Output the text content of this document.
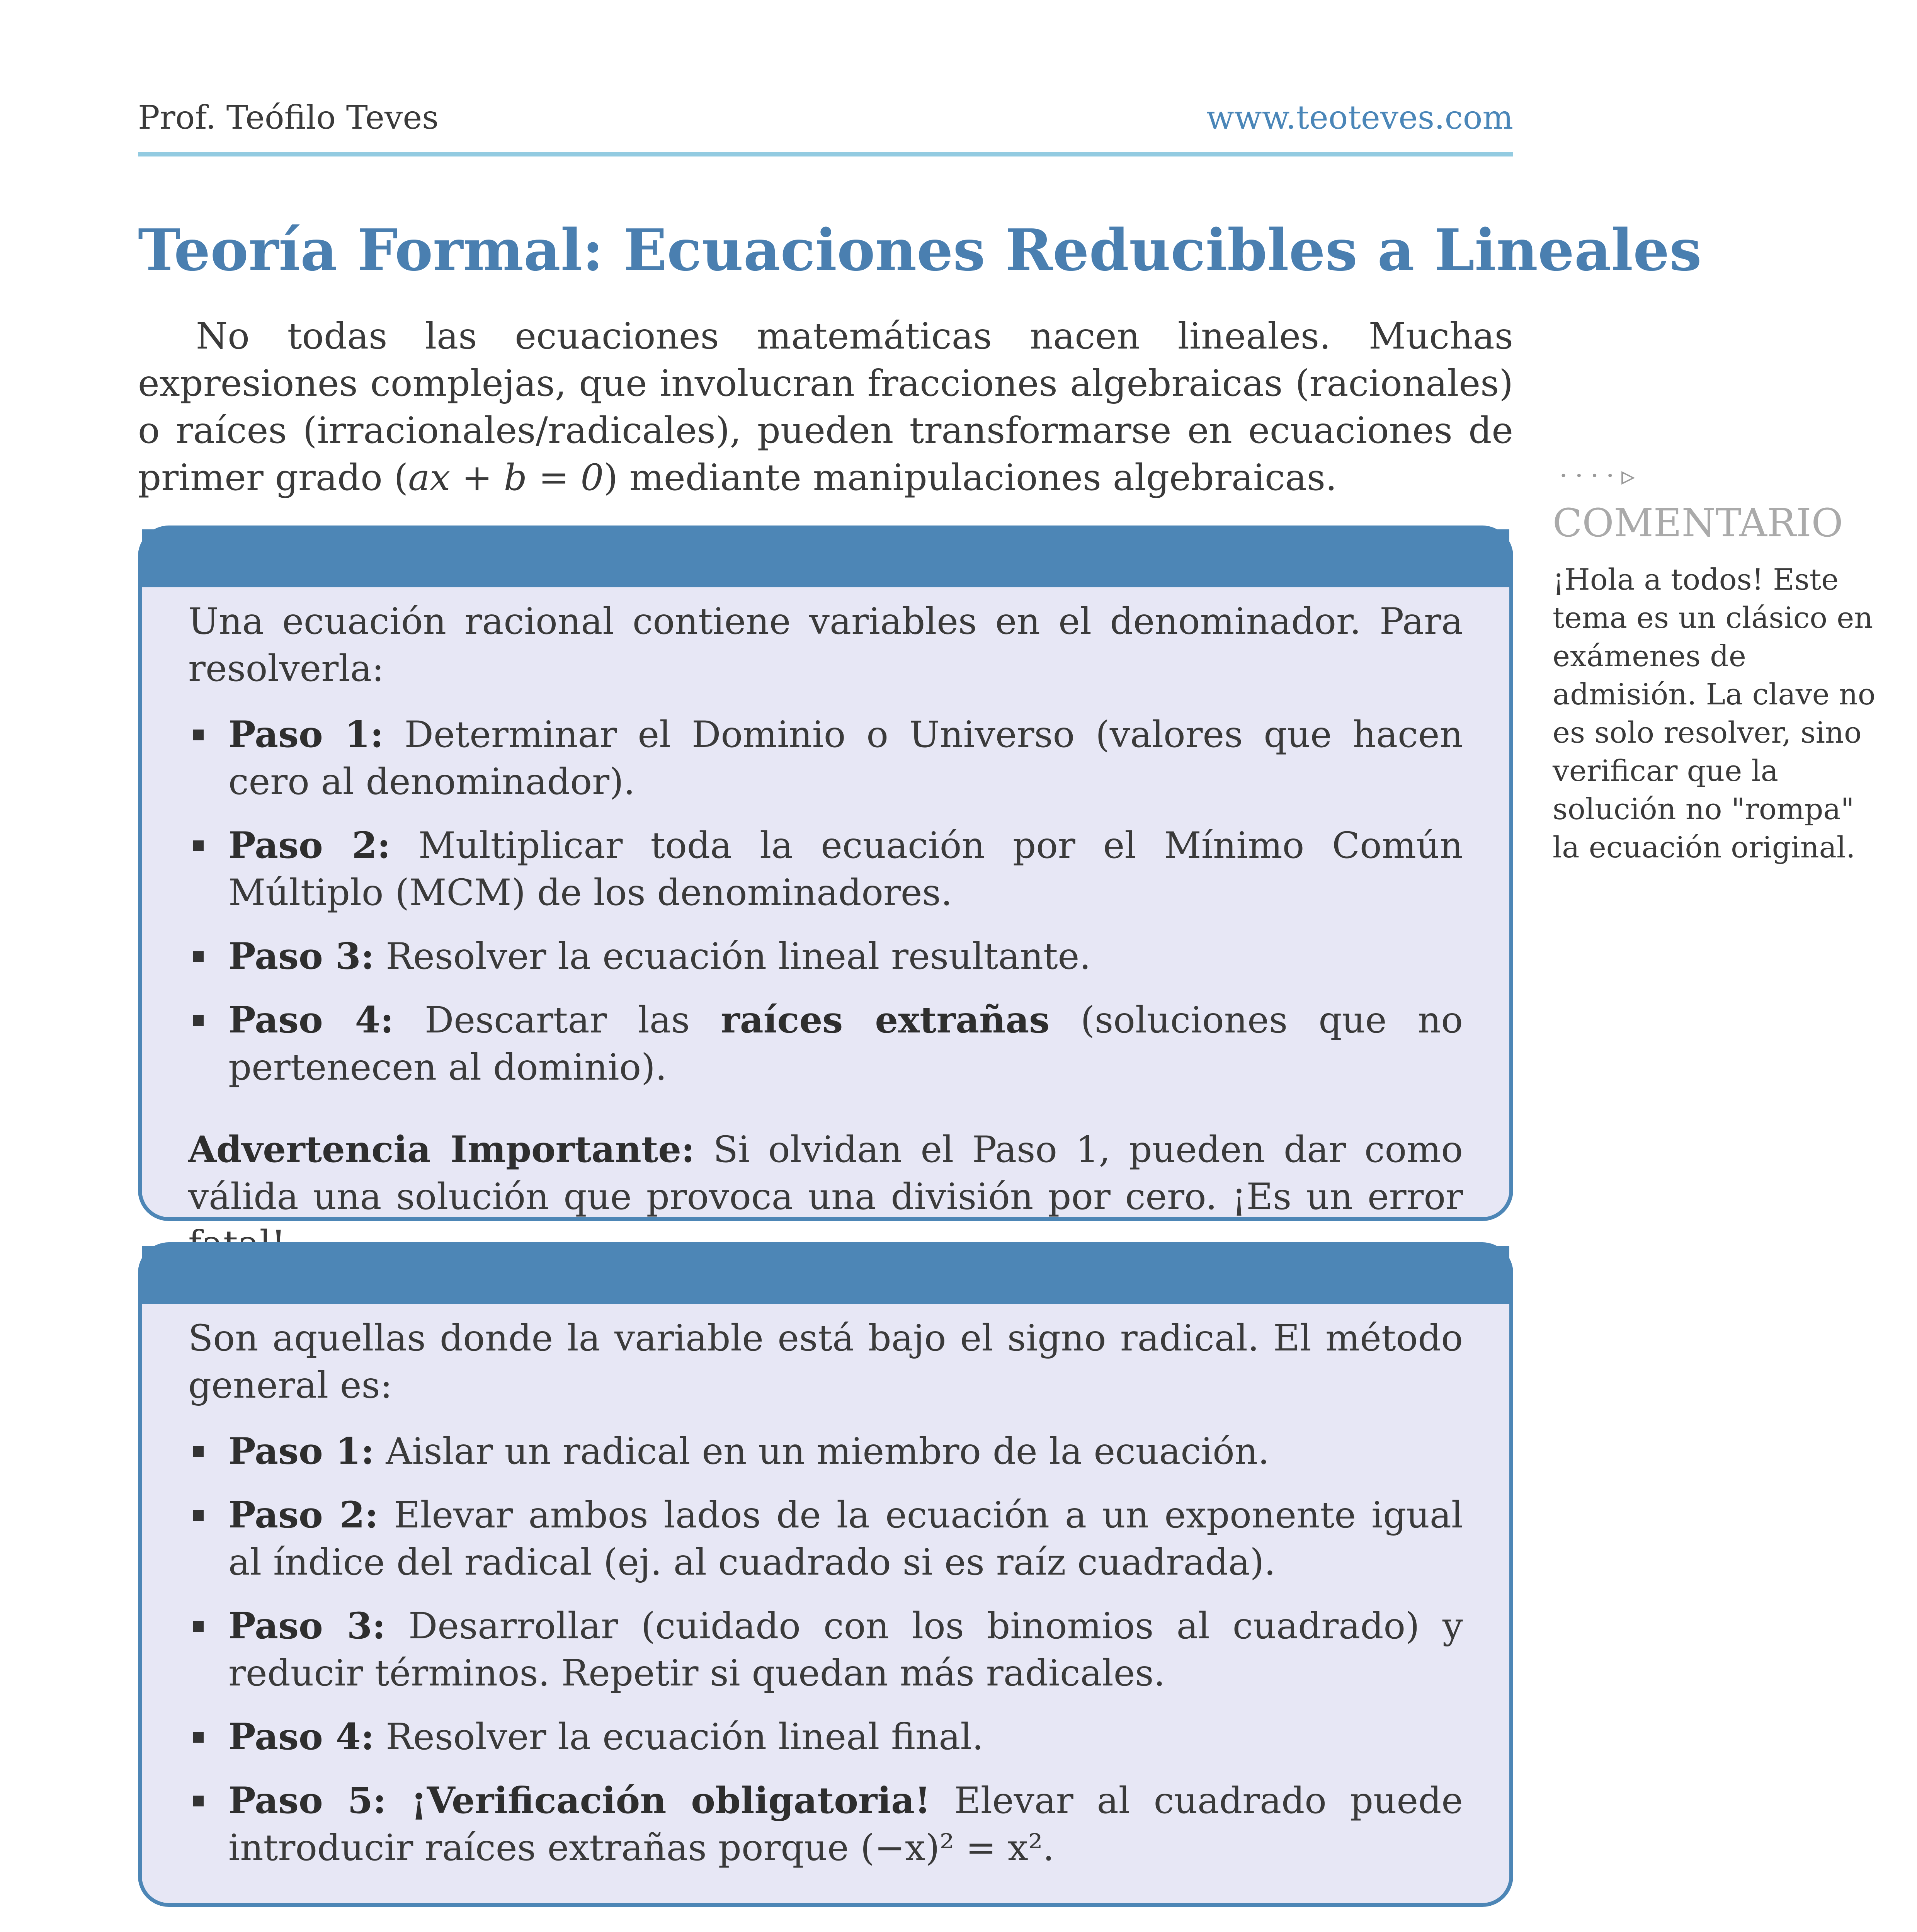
Prof. Teófilo Teves	www.teoteves.com
Teoría Formal: Ecuaciones Reducibles a Lineales
No todas las ecuaciones matemáticas nacen lineales. Muchas expresiones complejas, que involucran fracciones algebraicas (racionales) o raíces (irracionales/radicales), pueden transformarse en ecuaciones de primer grado (ax + b = 0) mediante manipulaciones algebraicas.

Una ecuación racional contiene variables en el denominador. Para resolverla:

Paso 1: Determinar el Dominio o Universo (valores que hacen cero al denominador).
Paso 2: Multiplicar toda la ecuación por el Mínimo Común Múltiplo (MCM) de los denominadores.
Paso 3: Resolver la ecuación lineal resultante.
Paso 4: Descartar las raíces extrañas (soluciones que no pertenecen al dominio).

Advertencia Importante: Si olvidan el Paso 1, pueden dar como válida una solución que provoca una división por cero. ¡Es un error

Son aquellas donde la variable está bajo el signo radical. El método general es:

Paso 1: Aislar un radical en un miembro de la ecuación.
Paso 2: Elevar ambos lados de la ecuación a un exponente igual al índice del radical (ej. al cuadrado si es raíz cuadrada).
Paso 3: Desarrollar (cuidado con los binomios al cuadrado) y reducir términos. Repetir si quedan más radicales.
Paso 4: Resolver la ecuación lineal final.
Paso 5: ¡Verificación obligatoria! Elevar al cuadrado puede introducir raíces extrañas porque (−x)² = x².
····▹
COMENTARIO
¡Hola a todos! Este tema es un clásico en exámenes de admisión. La clave no es solo resolver, sino verificar que la solución no "rompa" la ecuación original.
